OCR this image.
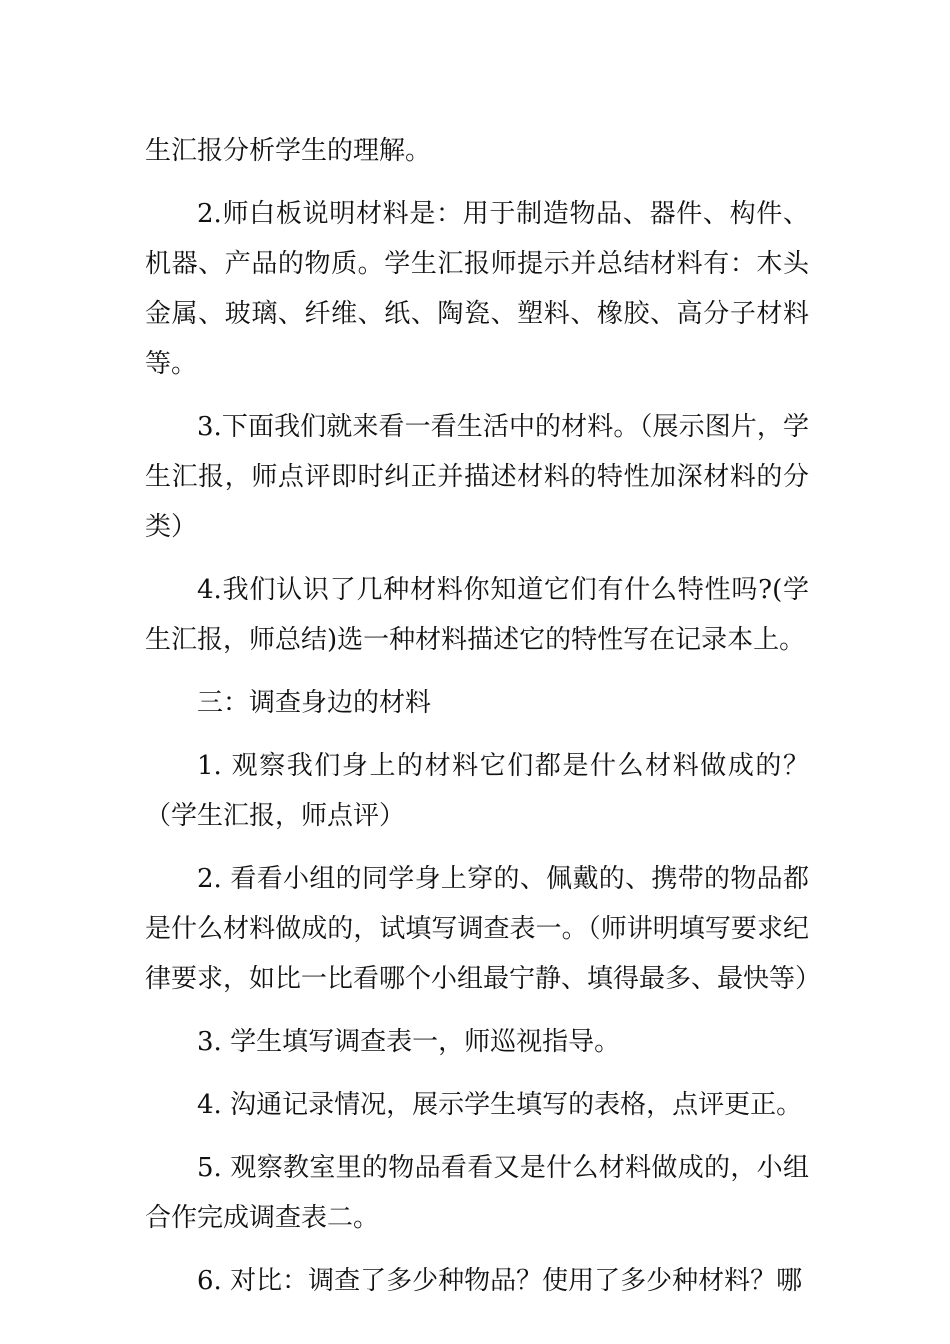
生汇报分析学生的理解。

2.师白板说明材料是：用于制造物品、器件、构件、机器、产品的物质。学生汇报师提示并总结材料有：木头金属、玻璃、纤维、纸、陶瓷、塑料、橡胶、高分子材料等。

3.下面我们就来看一看生活中的材料。（展示图片，学生汇报，师点评即时纠正并描述材料的特性加深材料的分类）

4.我们认识了几种材料你知道它们有什么特性吗?(学生汇报，师总结)选一种材料描述它的特性写在记录本上。

三：调查身边的材料

1. 观察我们身上的材料它们都是什么材料做成的？（学生汇报，师点评）

2. 看看小组的同学身上穿的、佩戴的、携带的物品都是什么材料做成的，试填写调查表一。（师讲明填写要求纪律要求，如比一比看哪个小组最宁静、填得最多、最快等）

3. 学生填写调查表一，师巡视指导。

4. 沟通记录情况，展示学生填写的表格，点评更正。

5. 观察教室里的物品看看又是什么材料做成的，小组合作完成调查表二。

6. 对比：调查了多少种物品？使用了多少种材料？哪
